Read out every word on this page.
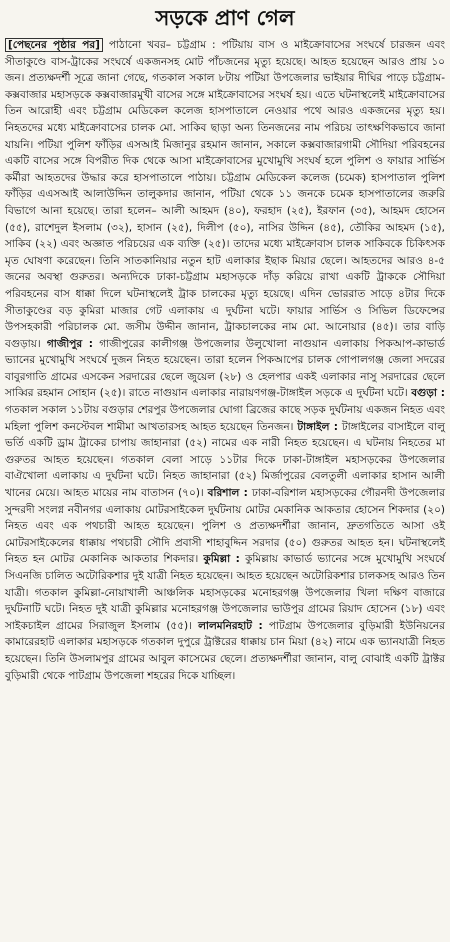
সড়কে প্রাণ গেল
[পেছনের পৃষ্ঠার পর] পাঠানো খবর– চট্টগ্রাম : পটিয়ায় বাস ও মাইক্রোবাসের সংঘর্ষে চারজন এবং সীতাকুণ্ডে বাস-ট্রাকের সংঘর্ষে একজনসহ মোট পাঁচজনের মৃত্যু হয়েছে। আহত হয়েছেন আরও প্রায় ১০ জন। প্রত্যক্ষদর্শী সূত্রে জানা গেছে, গতকাল সকাল ৮টায় পটিয়া উপজেলার ভাইয়ার দীঘির পাড়ে চট্টগ্রাম-কক্সবাজার মহাসড়কে কক্সবাজারমুখী বাসের সঙ্গে মাইক্রোবাসের সংঘর্ষ হয়। এতে ঘটনাস্থলেই মাইক্রোবাসের তিন আরোহী এবং চট্টগ্রাম মেডিকেল কলেজ হাসপাতালে নেওয়ার পথে আরও একজনের মৃত্যু হয়। নিহতদের মধ্যে মাইক্রোবাসের চালক মো. সাকিব ছাড়া অন্য তিনজনের নাম পরিচয় তাৎক্ষণিকভাবে জানা যায়নি। পটিয়া পুলিশ ফাঁড়ির এসআই মিজানুর রহমান জানান, সকালে কক্সবাজারগামী সৌদিয়া পরিবহনের একটি বাসের সঙ্গে বিপরীত দিক থেকে আসা মাইক্রোবাসের মুখোমুখি সংঘর্ষ হলে পুলিশ ও ফায়ার সার্ভিস কর্মীরা আহতদের উদ্ধার করে হাসপাতালে পাঠায়। চট্টগ্রাম মেডিকেল কলেজ (চমেক) হাসপাতাল পুলিশ ফাঁড়ির এএসআই আলাউদ্দিন তালুকদার জানান, পটিয়া থেকে ১১ জনকে চমেক হাসপাতালের জরুরি বিভাগে আনা হয়েছে। তারা হলেন– আলী আহমদ (৪০), ফরহাদ (২৫), ইরফান (৩৫), আহমদ হোসেন (৫৫), রাশেদুল ইসলাম (৩২), হাসান (২৫), দিলীপ (৫০), নাসির উদ্দিন (৪৫), তৌকির আহমদ (১৫), সাকিব (২২) এবং অজ্ঞাত পরিচয়ের এক ব্যক্তি (২৫)। তাদের মধ্যে মাইক্রোবাস চালক সাকিবকে চিকিৎসক মৃত ঘোষণা করেছেন। তিনি সাতকানিয়ার নতুন হাট এলাকার ইছাক মিয়ার ছেলে। আহতদের আরও ৪-৫ জনের অবস্থা গুরুতর। অন্যদিকে ঢাকা-চট্টগ্রাম মহাসড়কে দাঁড় করিয়ে রাখা একটি ট্রাককে সৌদিয়া পরিবহনের বাস ধাক্কা দিলে ঘটনাস্থলেই ট্রাক চালকের মৃত্যু হয়েছে। এদিন ভোররাত সাড়ে ৪টার দিকে সীতাকুণ্ডের বড় কুমিরা মাজার গেট এলাকায় এ দুর্ঘটনা ঘটে। ফায়ার সার্ভিস ও সিভিল ডিফেন্সের উপসহকারী পরিচালক মো. জসীম উদ্দীন জানান, ট্রাকচালকের নাম মো. আনোয়ার (৪৫)। তার বাড়ি বগুড়ায়। গাজীপুর : গাজীপুরের কালীগঞ্জ উপজেলার উলুখোলা নাগুয়ান এলাকায় পিকআপ-কাভার্ড ভ্যানের মুখোমুখি সংঘর্ষে দুজন নিহত হয়েছেন। তারা হলেন পিকআপের চালক গোপালগঞ্জ জেলা সদরের বাবুরগাতি গ্রামের এসকেন সরদারের ছেলে জুয়েল (২৮) ও হেলপার একই এলাকার নাসু সরদারের ছেলে সাব্বির রহমান সোহান (২৫)। রাতে নাগুয়ান এলাকার নারায়ণগঞ্জ-টাঙ্গাইল সড়কে এ দুর্ঘটনা ঘটে। বগুড়া : গতকাল সকাল ১১টায় বগুড়ার শেরপুর উপজেলার ঘোগা ব্রিজের কাছে সড়ক দুর্ঘটনায় একজন নিহত এবং মহিলা পুলিশ কনস্টেবল শামীমা আখতারসহ আহত হয়েছেন তিনজন। টাঙ্গাইল : টাঙ্গাইলের বাসাইলে বালু ভর্তি একটি ড্রাম ট্রাকের চাপায় জাহানারা (৫২) নামের এক নারী নিহত হয়েছেন। এ ঘটনায় নিহতের মা গুরুতর আহত হয়েছেন। গতকাল বেলা সাড়ে ১১টার দিকে ঢাকা-টাঙ্গাইল মহাসড়কের উপজেলার বাঐখোলা এলাকায় এ দুর্ঘটনা ঘটে। নিহত জাহানারা (৫২) মির্জাপুরের বেলতুলী এলাকার হাসান আলী খানের মেয়ে। আহত মায়ের নাম বাতাসন (৭০)। বরিশাল : ঢাকা-বরিশাল মহাসড়কের গৌরনদী উপজেলার সুন্দরদী সংলগ্ন নবীনগর এলাকায় মোটরসাইকেল দুর্ঘটনায় মোটর মেকানিক আকতার হোসেন শিকদার (২০) নিহত এবং এক পথচারী আহত হয়েছেন। পুলিশ ও প্রত্যক্ষদর্শীরা জানান, দ্রুতগতিতে আসা ওই মোটরসাইকেলের ধাক্কায় পথচারী সৌদি প্রবাসী শাহাবুদ্দিন সরদার (৫০) গুরুতর আহত হন। ঘটনাস্থলেই নিহত হন মোটর মেকানিক আকতার শিকদার। কুমিল্লা : কুমিল্লায় কাভার্ড ভ্যানের সঙ্গে মুখোমুখি সংঘর্ষে সিএনজি চালিত অটোরিকশার দুই যাত্রী নিহত হয়েছেন। আহত হয়েছেন অটোরিকশার চালকসহ আরও তিন যাত্রী। গতকাল কুমিল্লা-নোয়াখালী আঞ্চলিক মহাসড়কের মনোহরগঞ্জ উপজেলার খিলা দক্ষিণ বাজারে দুর্ঘটনাটি ঘটে। নিহত দুই যাত্রী কুমিল্লার মনোহরগঞ্জ উপজেলার ভাউপুর গ্রামের রিয়াদ হোসেন (১৮) এবং সাইকচাইল গ্রামের সিরাজুল ইসলাম (৫৫)। লালমনিরহাট : পাটগ্রাম উপজেলার বুড়িমারী ইউনিয়নের কামারেরহাট এলাকার মহাসড়কে গতকাল দুপুরে ট্রাক্টরের ধাক্কায় চান মিয়া (৪২) নামে এক ভ্যানযাত্রী নিহত হয়েছেন। তিনি উসলামপুর গ্রামের আবুল কাসেমের ছেলে। প্রত্যক্ষদর্শীরা জানান, বালু বোঝাই একটি ট্রাক্টর বুড়িমারী থেকে পাটগ্রাম উপজেলা শহরের দিকে যাচ্ছিল।
